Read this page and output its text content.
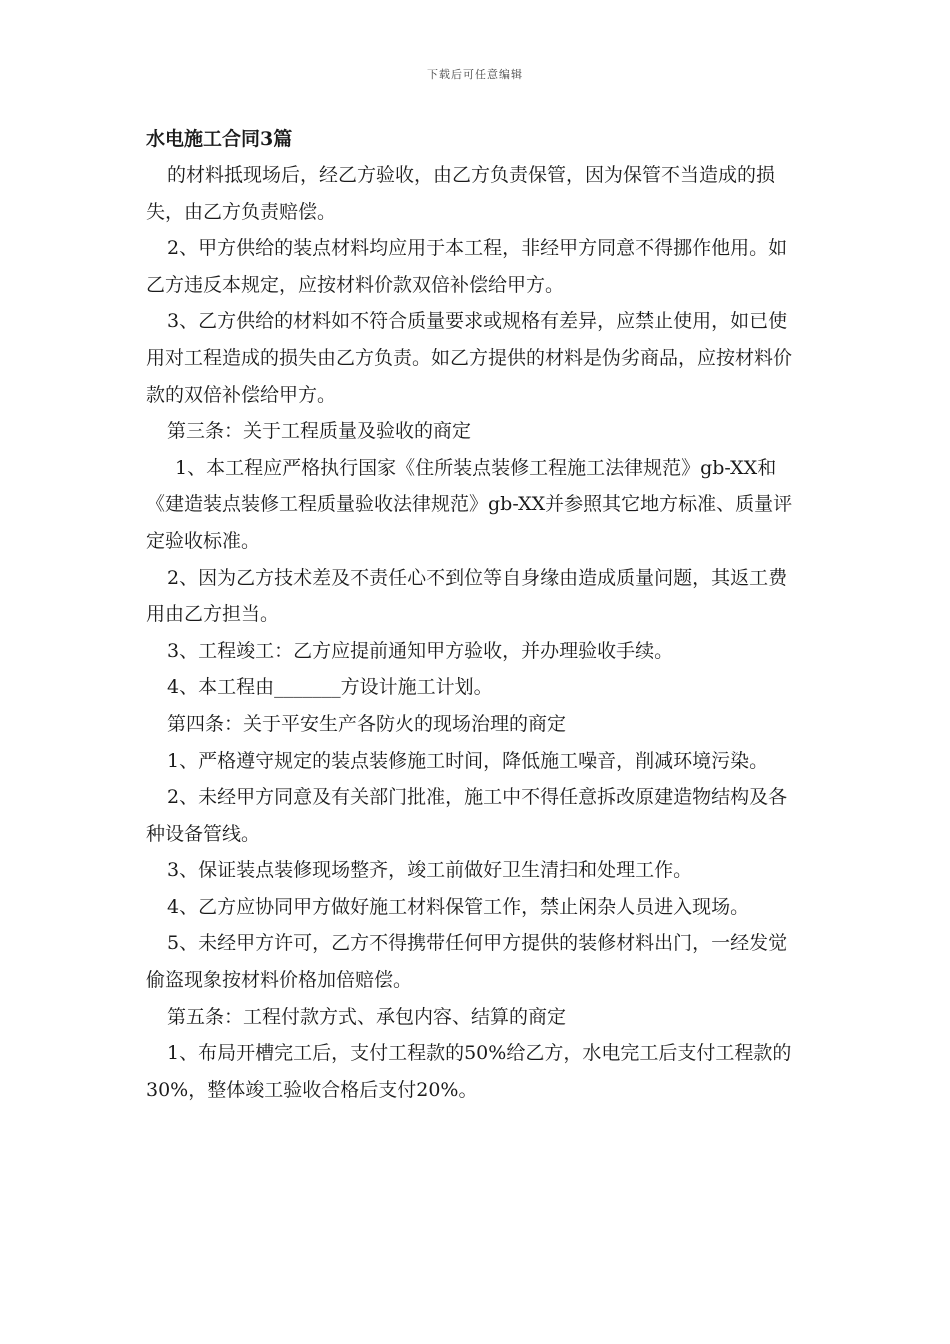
下载后可任意编辑
水电施工合同3篇

的材料抵现场后，经乙方验收，由乙方负责保管，因为保管不当造成的损失，由乙方负责赔偿。

2、甲方供给的装点材料均应用于本工程，非经甲方同意不得挪作他用。如乙方违反本规定，应按材料价款双倍补偿给甲方。

3、乙方供给的材料如不符合质量要求或规格有差异，应禁止使用，如已使用对工程造成的损失由乙方负责。如乙方提供的材料是伪劣商品，应按材料价款的双倍补偿给甲方。

第三条：关于工程质量及验收的商定

1、本工程应严格执行国家《住所装点装修工程施工法律规范》gb-XX和《建造装点装修工程质量验收法律规范》gb-XX并参照其它地方标准、质量评定验收标准。

2、因为乙方技术差及不责任心不到位等自身缘由造成质量问题，其返工费用由乙方担当。

3、工程竣工：乙方应提前通知甲方验收，并办理验收手续。

4、本工程由_______方设计施工计划。

第四条：关于平安生产各防火的现场治理的商定

1、严格遵守规定的装点装修施工时间，降低施工噪音，削减环境污染。

2、未经甲方同意及有关部门批准，施工中不得任意拆改原建造物结构及各种设备管线。

3、保证装点装修现场整齐，竣工前做好卫生清扫和处理工作。

4、乙方应协同甲方做好施工材料保管工作，禁止闲杂人员进入现场。

5、未经甲方许可，乙方不得携带任何甲方提供的装修材料出门，一经发觉偷盗现象按材料价格加倍赔偿。

第五条：工程付款方式、承包内容、结算的商定

1、布局开槽完工后，支付工程款的50%给乙方，水电完工后支付工程款的30%，整体竣工验收合格后支付20%。
